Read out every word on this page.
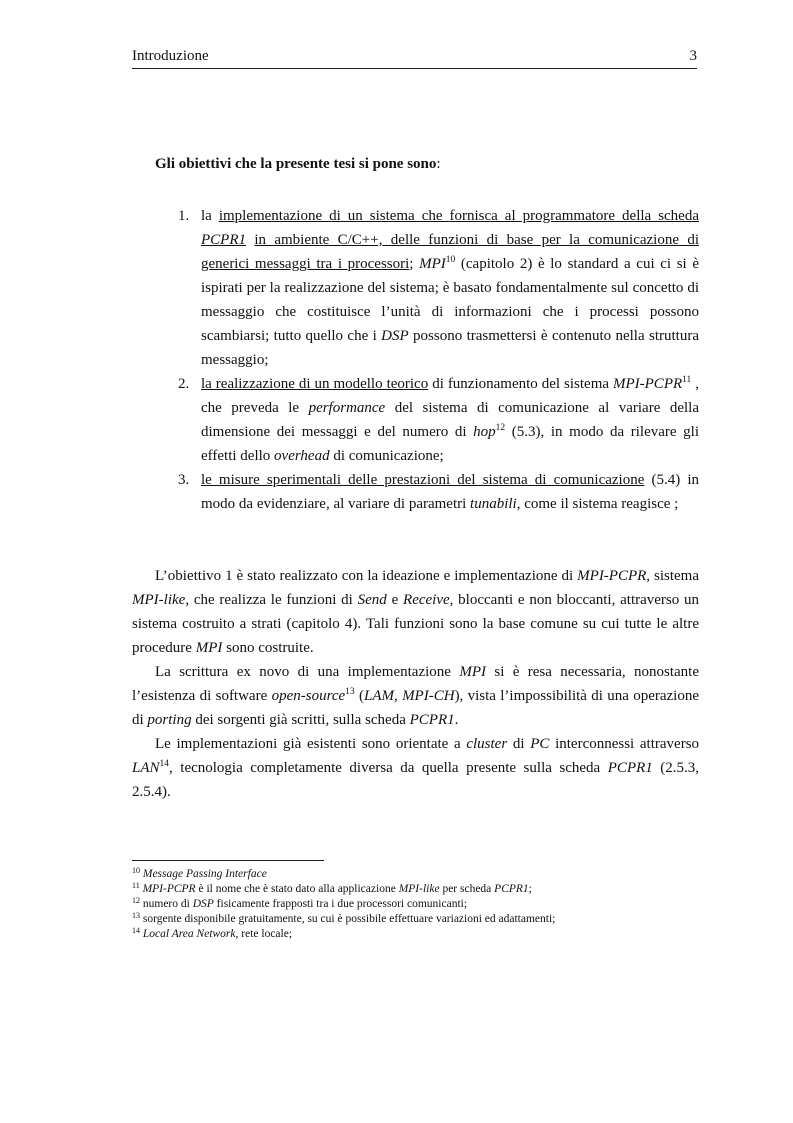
Introduzione	3
Gli obiettivi che la presente tesi si pone sono:
1. la implementazione di un sistema che fornisca al programmatore della scheda PCPR1 in ambiente C/C++, delle funzioni di base per la comunicazione di generici messaggi tra i processori; MPI$^{10}$ (capitolo 2) è lo standard a cui ci si è ispirati per la realizzazione del sistema; è basato fondamentalmente sul concetto di messaggio che costituisce l’unità di informazioni che i processi possono scambiarsi; tutto quello che i DSP possono trasmettersi è contenuto nella struttura messaggio;
2. la realizzazione di un modello teorico di funzionamento del sistema MPI-PCPR$^{11}$ , che preveda le performance del sistema di comunicazione al variare della dimensione dei messaggi e del numero di hop$^{12}$ (5.3), in modo da rilevare gli effetti dello overhead di comunicazione;
3. le misure sperimentali delle prestazioni del sistema di comunicazione (5.4) in modo da evidenziare, al variare di parametri tunabili, come il sistema reagisce ;

L’obiettivo 1 è stato realizzato con la ideazione e implementazione di MPI-PCPR, sistema MPI-like, che realizza le funzioni di Send e Receive, bloccanti e non bloccanti, attraverso un sistema costruito a strati (capitolo 4). Tali funzioni sono la base comune su cui tutte le altre procedure MPI sono costruite.

La scrittura ex novo di una implementazione MPI si è resa necessaria, nonostante l’esistenza di software open-source$^{13}$ (LAM, MPI-CH), vista l’impossibilità di una operazione di porting dei sorgenti già scritti, sulla scheda PCPR1.

Le implementazioni già esistenti sono orientate a cluster di PC interconnessi attraverso LAN$^{14}$, tecnologia completamente diversa da quella presente sulla scheda PCPR1 (2.5.3, 2.5.4).

$^{10}$ Message Passing Interface
$^{11}$ MPI-PCPR è il nome che è stato dato alla applicazione MPI-like per scheda PCPR1;
$^{12}$ numero di DSP fisicamente frapposti tra i due processori comunicanti;
$^{13}$ sorgente disponibile gratuitamente, su cui è possibile effettuare variazioni ed adattamenti;
$^{14}$ Local Area Network, rete locale;
